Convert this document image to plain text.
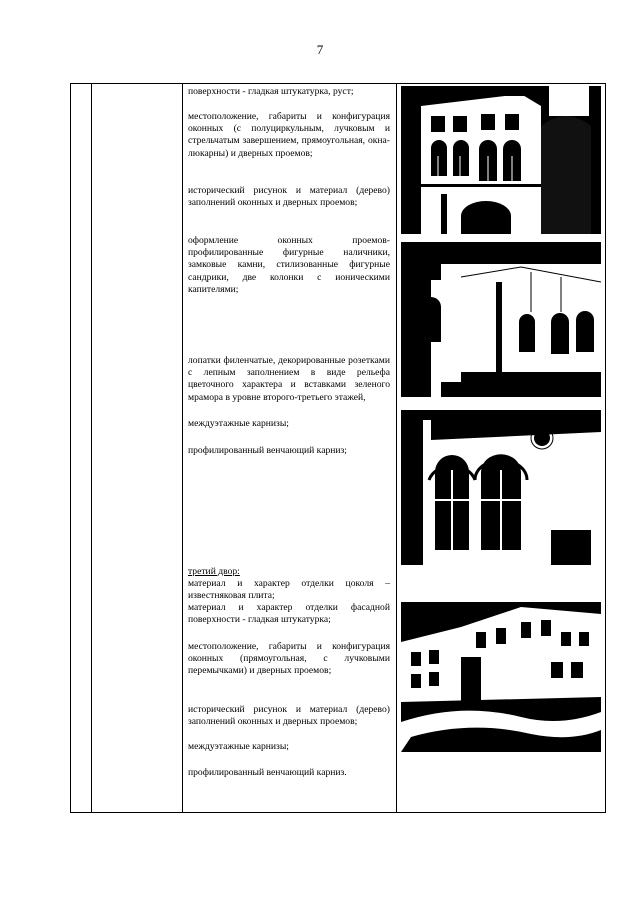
7
поверхности - гладкая штукатурка, руст;
местоположение, габариты и конфигурация оконных (с полуциркульным, лучковым и стрельчатым завершением, прямоугольная, окна-люкарны) и дверных проемов;
исторический рисунок и материал (дерево) заполнений оконных и дверных проемов;
оформление оконных проемов-профилированные фигурные наличники, замковые камни, стилизованные фигурные сандрики, две колонки с ионическими капителями;
лопатки филенчатые, декорированные розетками с лепным заполнением в виде рельефа цветочного характера и вставками зеленого мрамора в уровне второго-третьего этажей,
междуэтажные карнизы;
профилированный венчающий карниз;
третий двор:
материал и характер отделки цоколя – известняковая плита;
материал и характер отделки фасадной поверхности - гладкая штукатурка;
местоположение, габариты и конфигурация оконных (прямоугольная, с лучковыми перемычками) и дверных проемов;
исторический рисунок и материал (дерево) заполнений оконных и дверных проемов;
междуэтажные карнизы;
профилированный венчающий карниз.
